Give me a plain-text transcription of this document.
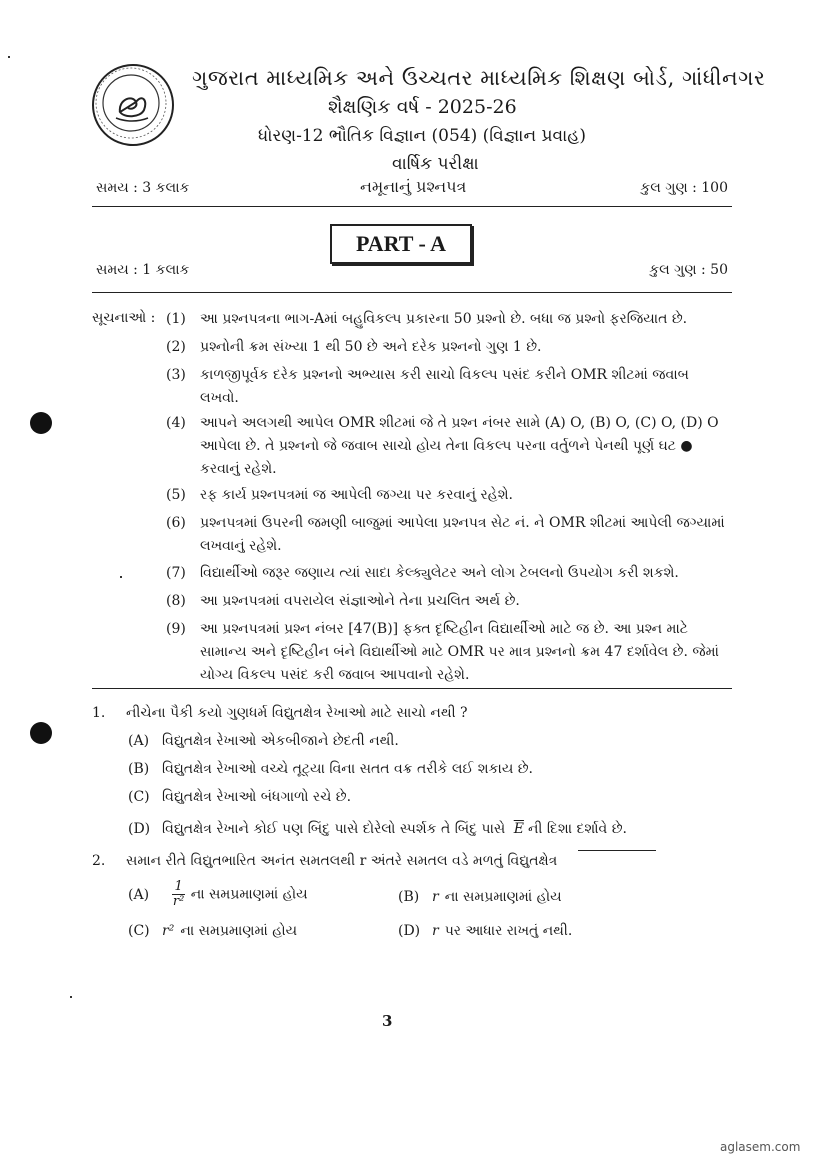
ગુજરાત માધ્યમિક અને ઉચ્ચતર માધ્યમિક શિક્ષણ બોર્ડ, ગાંધીનગર
શૈક્ષણિક વર્ષ - 2025-26
ધોરણ-12 ભૌતિક વિજ્ઞાન (054) (વિજ્ઞાન પ્રવાહ)
વાર્ષિક પરીક્ષા
સમય : 3 કલાક	નમૂનાનું પ્રશ્નપત્ર	કુલ ગુણ : 100
PART - A
સમય : 1 કલાક	કુલ ગુણ : 50
સૂચનાઓ : (1)	આ પ્રશ્નપત્રના ભાગ-Aમાં બહુવિકલ્પ પ્રકારના 50 પ્રશ્નો છે. બધા જ પ્રશ્નો ફરજિયાત છે.
(2)	પ્રશ્નોની ક્રમ સંખ્યા 1 થી 50 છે અને દરેક પ્રશ્નનો ગુણ 1 છે.
(3)	કાળજીપૂર્વક દરેક પ્રશ્નનો અભ્યાસ કરી સાચો વિકલ્પ પસંદ કરીને OMR શીટમાં જવાબ લખવો.
(4)	આપને અલગથી આપેલ OMR શીટમાં જે તે પ્રશ્ન નંબર સામે (A) O, (B) O, (C) O, (D) O આપેલા છે. તે પ્રશ્નનો જે જવાબ સાચો હોય તેના વિકલ્પ પરના વર્તુળને પેનથી પૂર્ણ ઘટ ● કરવાનું રહેશે.
(5)	રફ કાર્ય પ્રશ્નપત્રમાં જ આપેલી જગ્યા પર કરવાનું રહેશે.
(6)	પ્રશ્નપત્રમાં ઉપરની જમણી બાજુમાં આપેલા પ્રશ્નપત્ર સેટ નં. ને OMR શીટમાં આપેલી જગ્યામાં લખવાનું રહેશે.
(7)	વિદ્યાર્થીઓ જરૂર જણાય ત્યાં સાદા કેલ્ક્યુલેટર અને લોગ ટેબલનો ઉપયોગ કરી શકશે.
(8)	આ પ્રશ્નપત્રમાં વપરાયેલ સંજ્ઞાઓને તેના પ્રચલિત અર્થ છે.
(9)	આ પ્રશ્નપત્રમાં પ્રશ્ન નંબર [47(B)] ફક્ત દૃષ્ટિહીન વિદ્યાર્થીઓ માટે જ છે. આ પ્રશ્ન માટે સામાન્ય અને દૃષ્ટિહીન બંને વિદ્યાર્થીઓ માટે OMR પર માત્ર પ્રશ્નનો ક્રમ 47 દર્શાવેલ છે. જેમાં યોગ્ય વિકલ્પ પસંદ કરી જવાબ આપવાનો રહેશે.
1. નીચેના પૈકી કયો ગુણધર્મ વિદ્યુતક્ષેત્ર રેખાઓ માટે સાચો નથી ?
(A) વિદ્યુતક્ષેત્ર રેખાઓ એકબીજાને છેદતી નથી.
(B) વિદ્યુતક્ષેત્ર રેખાઓ વચ્ચે તૂટ્યા વિના સતત વક્ર તરીકે લઈ શકાય છે.
(C) વિદ્યુતક્ષેત્ર રેખાઓ બંધગાળો રચે છે.
(D) વિદ્યુતક્ષેત્ર રેખાને કોઈ પણ બિંદુ પાસે દોરેલો સ્પર્શક તે બિંદુ પાસે $\overline{E}$ ની દિશા દર્શાવે છે.
2. સમાન રીતે વિદ્યુતભારિત અનંત સમતલથી r અંતરે સમતલ વડે મળતું વિદ્યુતક્ષેત્ર
$(A) \frac{1}{\text{r²}}$ ના સમપ્રમાણમાં હોય	(B) r ના સમપ્રમાણમાં હોય
(C) r² ના સમપ્રમાણમાં હોય	(D) r પર આધાર રાખતું નથી.
3
aglasem.com
